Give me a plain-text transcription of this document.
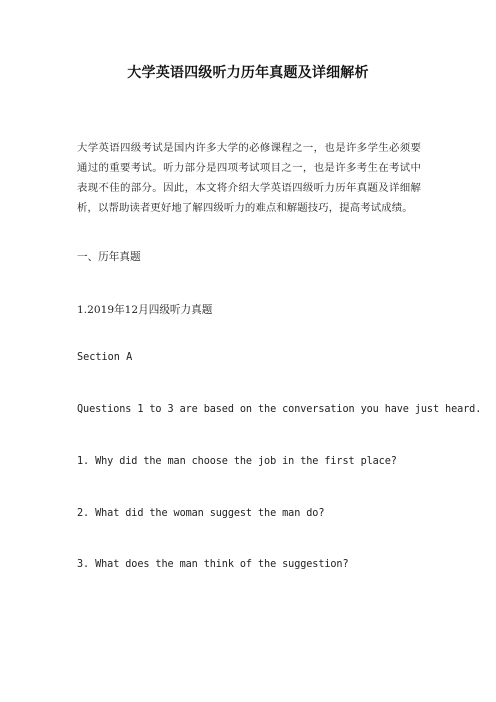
大学英语四级听力历年真题及详细解析

大学英语四级考试是国内许多大学的必修课程之一，也是许多学生必须要通过的重要考试。听力部分是四项考试项目之一，也是许多考生在考试中表现不佳的部分。因此，本文将介绍大学英语四级听力历年真题及详细解析，以帮助读者更好地了解四级听力的难点和解题技巧，提高考试成绩。

一、历年真题
1.2019年12月四级听力真题
Section A
Questions 1 to 3 are based on the conversation you have just heard.
1. Why did the man choose the job in the first place?
2. What did the woman suggest the man do?
3. What does the man think of the suggestion?
